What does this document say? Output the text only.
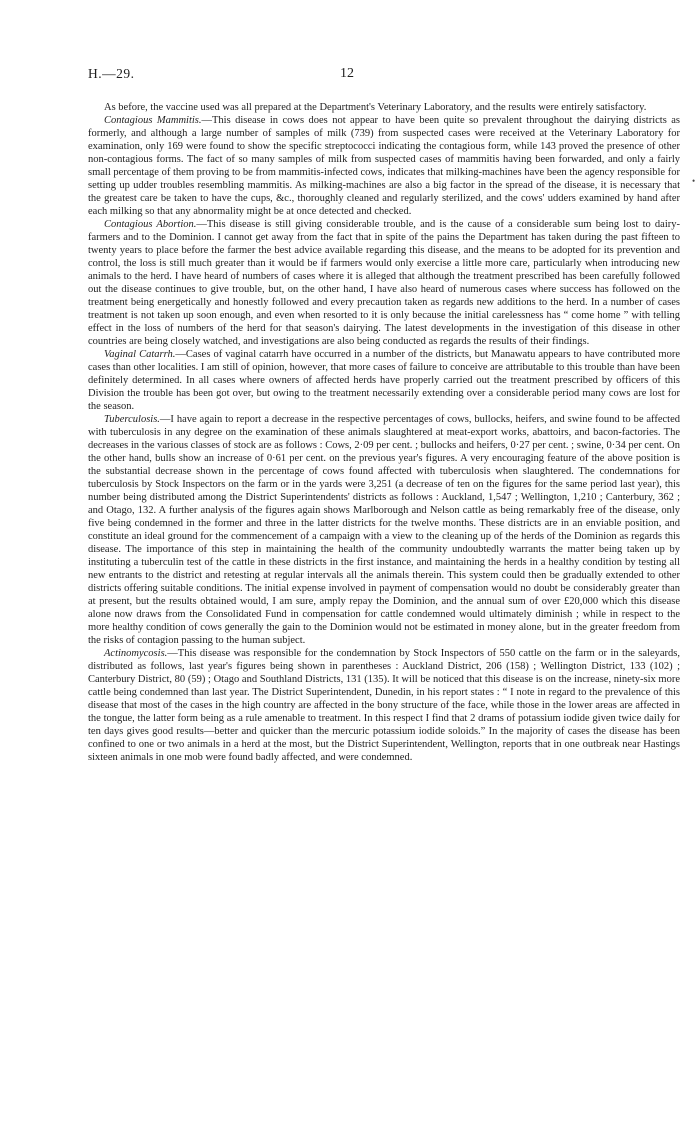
H.—29.	12

As before, the vaccine used was all prepared at the Department's Veterinary Laboratory, and the results were entirely satisfactory.

Contagious Mammitis.—This disease in cows does not appear to have been quite so prevalent throughout the dairying districts as formerly, and although a large number of samples of milk (739) from suspected cases were received at the Veterinary Laboratory for examination, only 169 were found to show the specific streptococci indicating the contagious form, while 143 proved the presence of other non-contagious forms. The fact of so many samples of milk from suspected cases of mammitis having been forwarded, and only a fairly small percentage of them proving to be from mammitis-infected cows, indicates that milking-machines have been the agency responsible for setting up udder troubles resembling mammitis. As milking-machines are also a big factor in the spread of the disease, it is necessary that the greatest care be taken to have the cups, &c., thoroughly cleaned and regularly sterilized, and the cows' udders examined by hand after each milking so that any abnormality might be at once detected and checked.

Contagious Abortion.—This disease is still giving considerable trouble, and is the cause of a considerable sum being lost to dairy-farmers and to the Dominion. I cannot get away from the fact that in spite of the pains the Department has taken during the past fifteen to twenty years to place before the farmer the best advice available regarding this disease, and the means to be adopted for its prevention and control, the loss is still much greater than it would be if farmers would only exercise a little more care, particularly when introducing new animals to the herd. I have heard of numbers of cases where it is alleged that although the treatment prescribed has been carefully followed out the disease continues to give trouble, but, on the other hand, I have also heard of numerous cases where success has followed on the treatment being energetically and honestly followed and every precaution taken as regards new additions to the herd. In a number of cases treatment is not taken up soon enough, and even when resorted to it is only because the initial carelessness has “ come home ” with telling effect in the loss of numbers of the herd for that season's dairying. The latest developments in the investigation of this disease in other countries are being closely watched, and investigations are also being conducted as regards the results of their findings.

Vaginal Catarrh.—Cases of vaginal catarrh have occurred in a number of the districts, but Manawatu appears to have contributed more cases than other localities. I am still of opinion, however, that more cases of failure to conceive are attributable to this trouble than have been definitely determined. In all cases where owners of affected herds have properly carried out the treatment prescribed by officers of this Division the trouble has been got over, but owing to the treatment necessarily extending over a considerable period many cows are lost for the season.

Tuberculosis.—I have again to report a decrease in the respective percentages of cows, bullocks, heifers, and swine found to be affected with tuberculosis in any degree on the examination of these animals slaughtered at meat-export works, abattoirs, and bacon-factories. The decreases in the various classes of stock are as follows : Cows, 2·09 per cent. ; bullocks and heifers, 0·27 per cent. ; swine, 0·34 per cent. On the other hand, bulls show an increase of 0·61 per cent. on the previous year's figures. A very encouraging feature of the above position is the substantial decrease shown in the percentage of cows found affected with tuberculosis when slaughtered. The condemnations for tuberculosis by Stock Inspectors on the farm or in the yards were 3,251 (a decrease of ten on the figures for the same period last year), this number being distributed among the District Superintendents' districts as follows : Auckland, 1,547 ; Wellington, 1,210 ; Canterbury, 362 ; and Otago, 132. A further analysis of the figures again shows Marlborough and Nelson cattle as being remarkably free of the disease, only five being condemned in the former and three in the latter districts for the twelve months. These districts are in an enviable position, and constitute an ideal ground for the commencement of a campaign with a view to the cleaning up of the herds of the Dominion as regards this disease. The importance of this step in maintaining the health of the community undoubtedly warrants the matter being taken up by instituting a tuberculin test of the cattle in these districts in the first instance, and maintaining the herds in a healthy condition by testing all new entrants to the district and retesting at regular intervals all the animals therein. This system could then be gradually extended to other districts offering suitable conditions. The initial expense involved in payment of compensation would no doubt be considerably greater than at present, but the results obtained would, I am sure, amply repay the Dominion, and the annual sum of over £20,000 which this disease alone now draws from the Consolidated Fund in compensation for cattle condemned would ultimately diminish ; while in respect to the more healthy condition of cows generally the gain to the Dominion would not be estimated in money alone, but in the greater freedom from the risks of contagion passing to the human subject.

Actinomycosis.—This disease was responsible for the condemnation by Stock Inspectors of 550 cattle on the farm or in the saleyards, distributed as follows, last year's figures being shown in parentheses : Auckland District, 206 (158) ; Wellington District, 133 (102) ; Canterbury District, 80 (59) ; Otago and Southland Districts, 131 (135). It will be noticed that this disease is on the increase, ninety-six more cattle being condemned than last year. The District Superintendent, Dunedin, in his report states : “ I note in regard to the prevalence of this disease that most of the cases in the high country are affected in the bony structure of the face, while those in the lower areas are affected in the tongue, the latter form being as a rule amenable to treatment. In this respect I find that 2 drams of potassium iodide given twice daily for ten days gives good results—better and quicker than the mercuric potassium iodide soloids.” In the majority of cases the disease has been confined to one or two animals in a herd at the most, but the District Superintendent, Wellington, reports that in one outbreak near Hastings sixteen animals in one mob were found badly affected, and were condemned.

•
